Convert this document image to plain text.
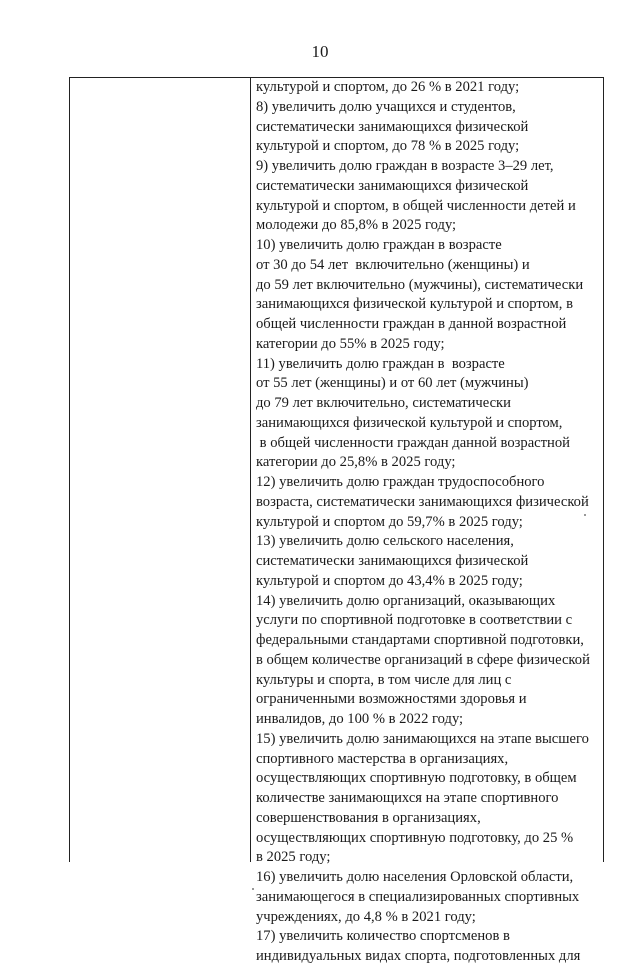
10
культурой и спортом, до 26 % в 2021 году;
8) увеличить долю учащихся и студентов,
систематически занимающихся физической
культурой и спортом, до 78 % в 2025 году;
9) увеличить долю граждан в возрасте 3–29 лет,
систематически занимающихся физической
культурой и спортом, в общей численности детей и
молодежи до 85,8% в 2025 году;
10) увеличить долю граждан в возрасте
от 30 до 54 лет  включительно (женщины) и
до 59 лет включительно (мужчины), систематически
занимающихся физической культурой и спортом, в
общей численности граждан в данной возрастной
категории до 55% в 2025 году;
11) увеличить долю граждан в  возрасте
от 55 лет (женщины) и от 60 лет (мужчины)
до 79 лет включительно, систематически
занимающихся физической культурой и спортом,
в общей численности граждан данной возрастной
категории до 25,8% в 2025 году;
12) увеличить долю граждан трудоспособного
возраста, систематически занимающихся физической
культурой и спортом до 59,7% в 2025 году;
13) увеличить долю сельского населения,
систематически занимающихся физической
культурой и спортом до 43,4% в 2025 году;
14) увеличить долю организаций, оказывающих
услуги по спортивной подготовке в соответствии с
федеральными стандартами спортивной подготовки,
в общем количестве организаций в сфере физической
культуры и спорта, в том числе для лиц с
ограниченными возможностями здоровья и
инвалидов, до 100 % в 2022 году;
15) увеличить долю занимающихся на этапе высшего
спортивного мастерства в организациях,
осуществляющих спортивную подготовку, в общем
количестве занимающихся на этапе спортивного
совершенствования в организациях,
осуществляющих спортивную подготовку, до 25 %
в 2025 году;
16) увеличить долю населения Орловской области,
занимающегося в специализированных спортивных
учреждениях, до 4,8 % в 2021 году;
17) увеличить количество спортсменов в
индивидуальных видах спорта, подготовленных для
